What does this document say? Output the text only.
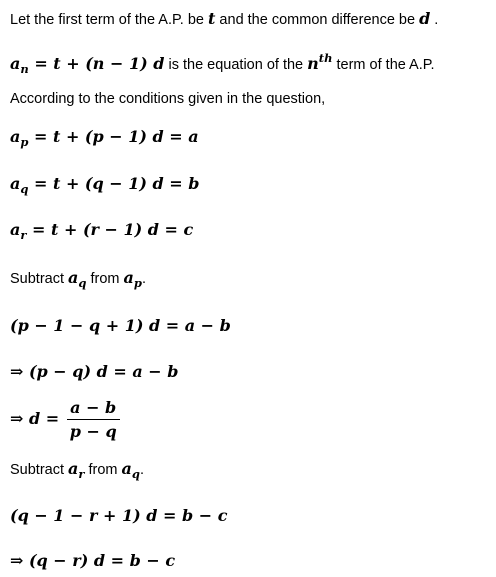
Let the first term of the A.P. be t and the common difference be d .
$a_n = t + (n - 1)$ d is the equation of the $n^{th}$ term of the A.P.
According to the conditions given in the question,
$a_p = t + (p - 1) d = a$
$a_q = t + (q - 1) d = b$
$a_r = t + (r - 1) d = c$
Subtract $a_q$ from $a_p$.
(p − 1 − q + 1) d = a − b
⇒ (p − q) d = a − b
⇒ $d = \frac{a - b}{p - q}$
Subtract $a_r$ from $a_q$.
(q − 1 − r + 1) d = b − c
⇒ (q − r) d = b − c
